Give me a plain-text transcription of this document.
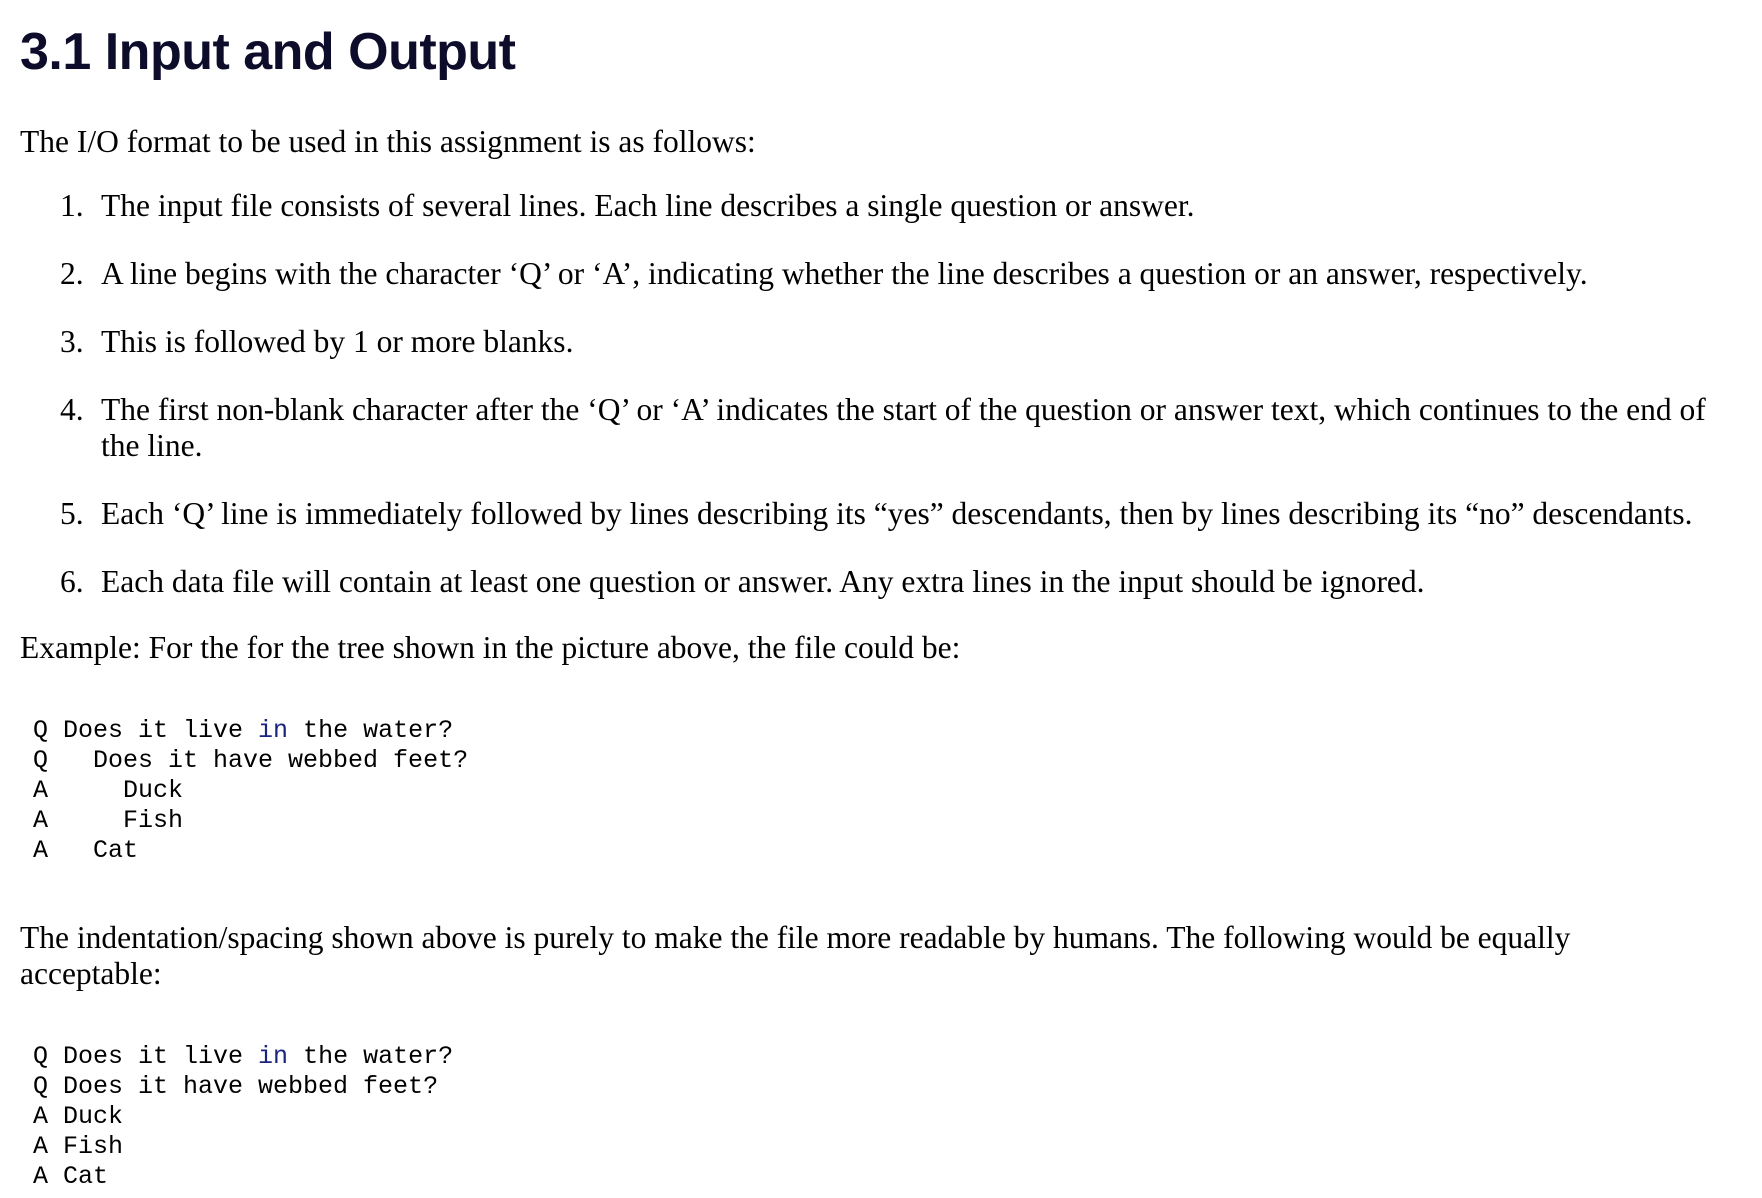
3.1 Input and Output

The I/O format to be used in this assignment is as follows:

1. The input file consists of several lines. Each line describes a single question or answer.
2. A line begins with the character ‘Q’ or ‘A’, indicating whether the line describes a question or an answer, respectively.
3. This is followed by 1 or more blanks.
4. The first non-blank character after the ‘Q’ or ‘A’ indicates the start of the question or answer text, which continues to the end of the line.
5. Each ‘Q’ line is immediately followed by lines describing its “yes” descendants, then by lines describing its “no” descendants.
6. Each data file will contain at least one question or answer. Any extra lines in the input should be ignored.

Example: For the for the tree shown in the picture above, the file could be:

Q Does it live in the water?
Q   Does it have webbed feet?
A     Duck
A     Fish
A   Cat

The indentation/spacing shown above is purely to make the file more readable by humans. The following would be equally acceptable:

Q Does it live in the water?
Q Does it have webbed feet?
A Duck
A Fish
A Cat
